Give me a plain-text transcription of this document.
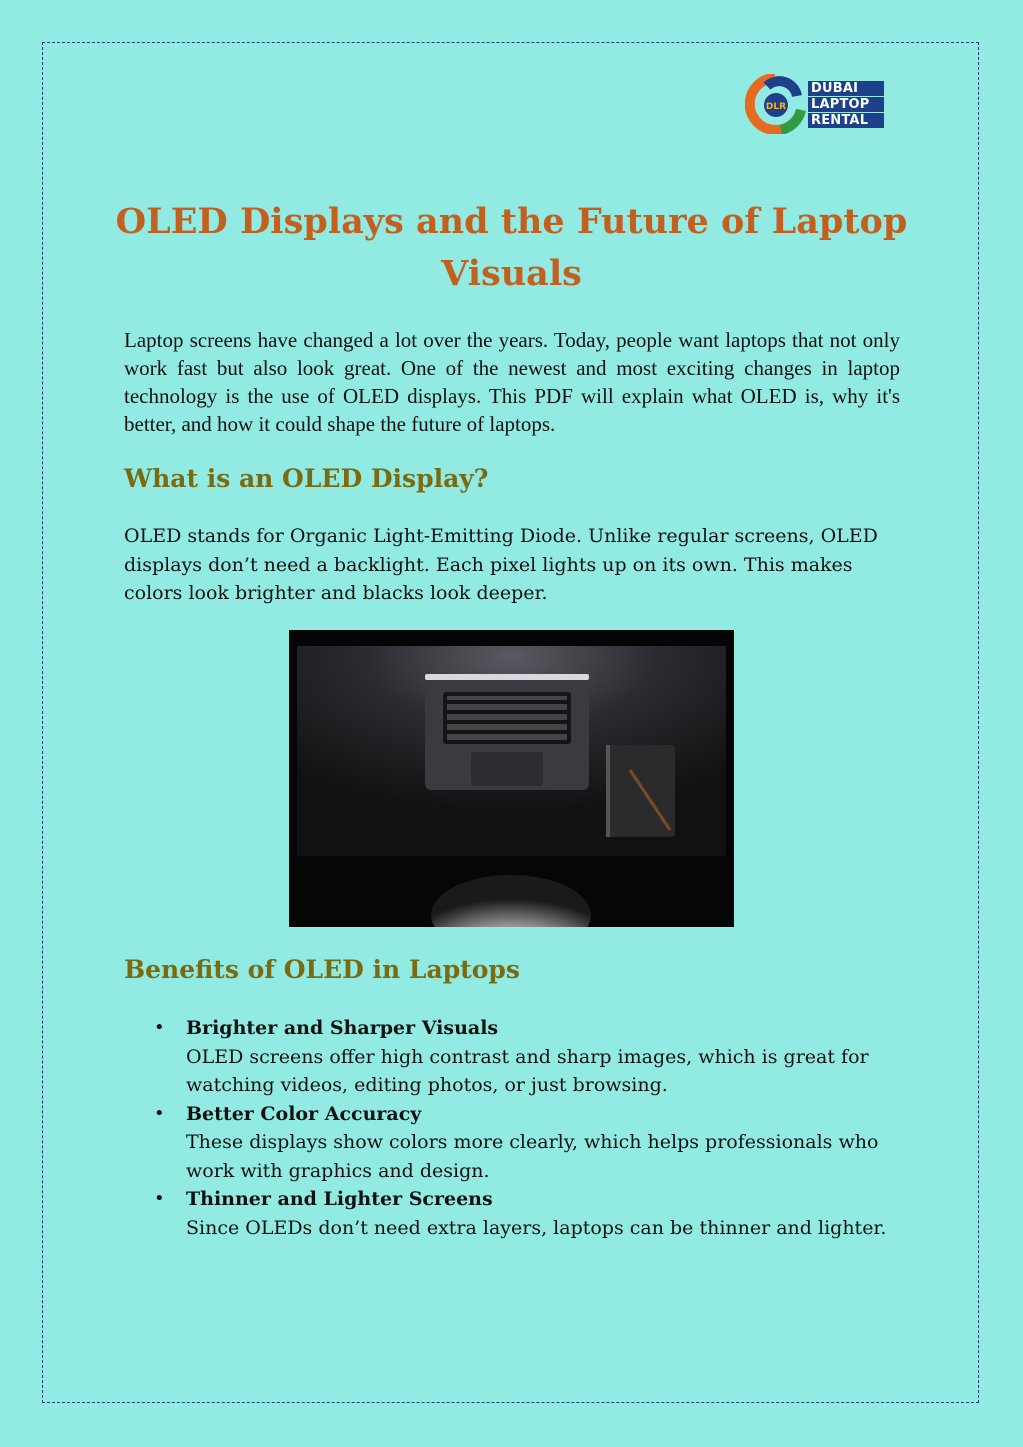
DLR
DUBAI
LAPTOP
RENTAL
OLED Displays and the Future of Laptop Visuals

Laptop screens have changed a lot over the years. Today, people want laptops that not only work fast but also look great. One of the newest and most exciting changes in laptop technology is the use of OLED displays. This PDF will explain what OLED is, why it's better, and how it could shape the future of laptops.

What is an OLED Display?

OLED stands for Organic Light-Emitting Diode. Unlike regular screens, OLED displays don’t need a backlight. Each pixel lights up on its own. This makes colors look brighter and blacks look deeper.

Benefits of OLED in Laptops
• Brighter and Sharper Visuals
OLED screens offer high contrast and sharp images, which is great for watching videos, editing photos, or just browsing.
• Better Color Accuracy
These displays show colors more clearly, which helps professionals who work with graphics and design.
• Thinner and Lighter Screens
Since OLEDs don’t need extra layers, laptops can be thinner and lighter.
